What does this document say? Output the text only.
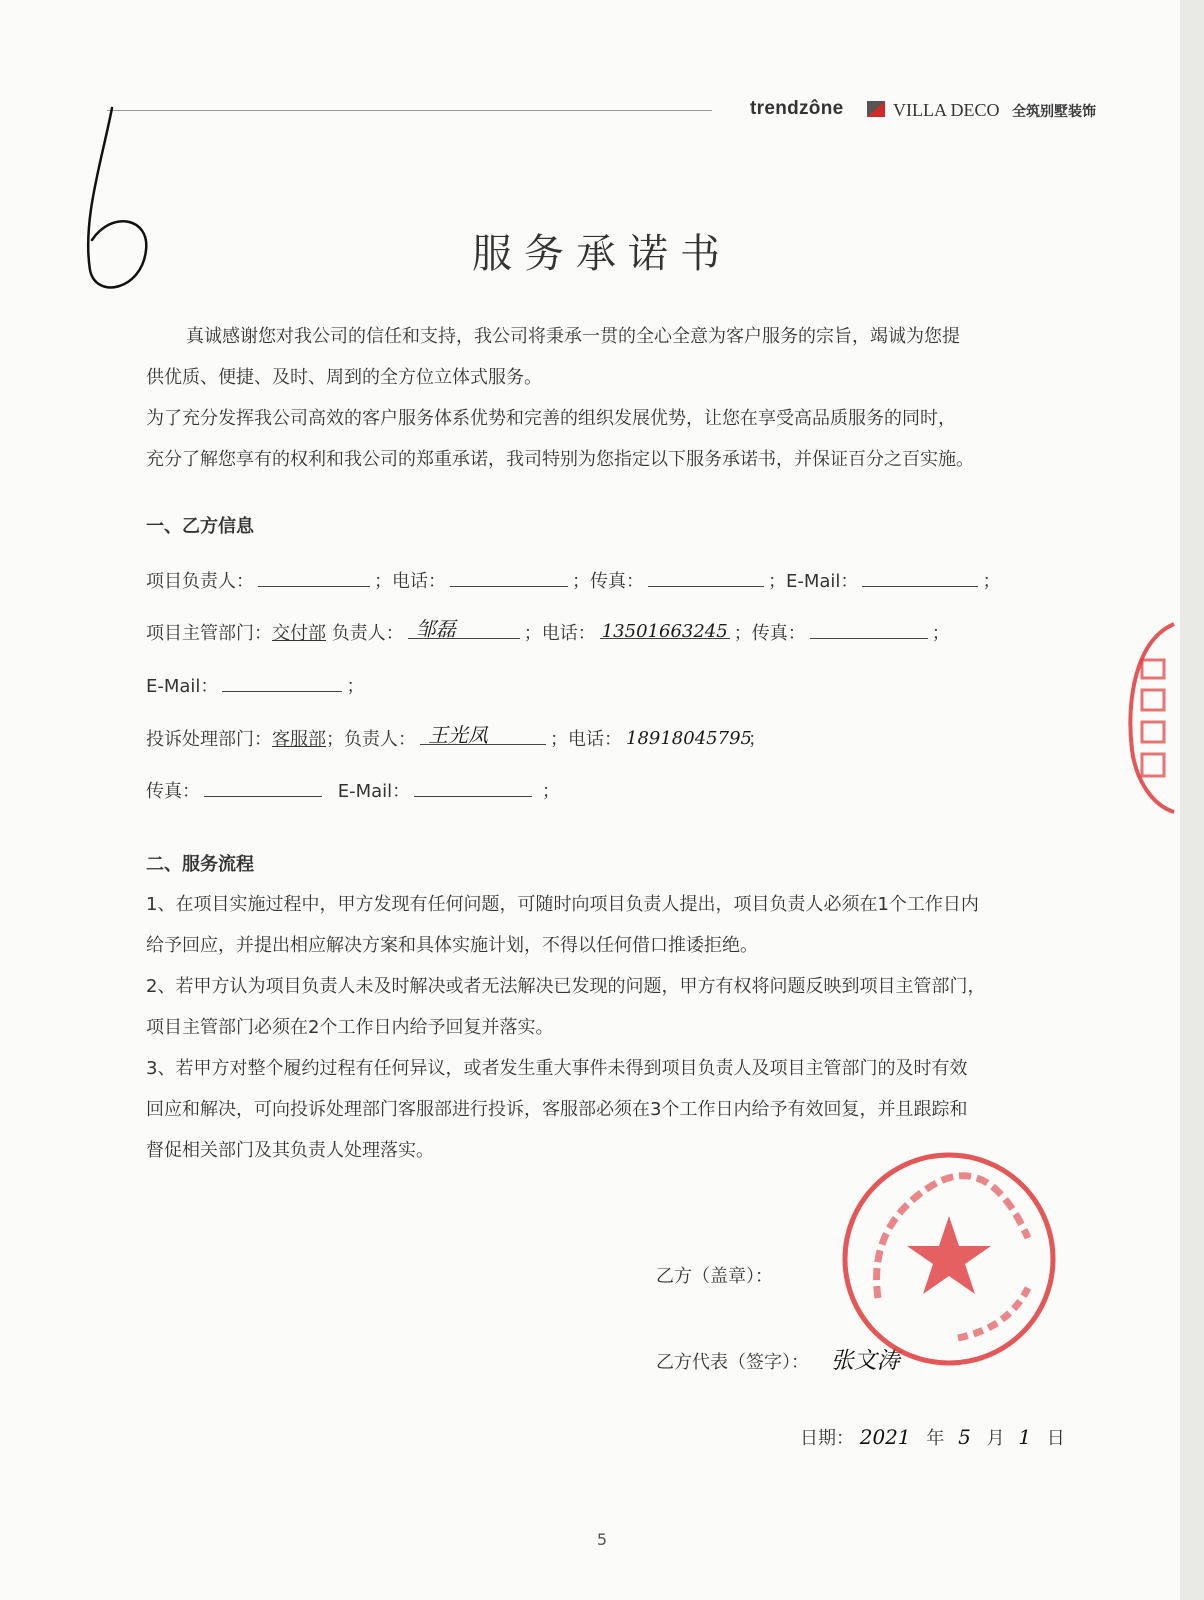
trendzône	VILLA DECO 全筑别墅装饰
服务承诺书

真诚感谢您对我公司的信任和支持，我公司将秉承一贯的全心全意为客户服务的宗旨，竭诚为您提

供优质、便捷、及时、周到的全方位立体式服务。

为了充分发挥我公司高效的客户服务体系优势和完善的组织发展优势，让您在享受高品质服务的同时，

充分了解您享有的权利和我公司的郑重承诺，我司特别为您指定以下服务承诺书，并保证百分之百实施。

一、乙方信息
项目负责人：	；电话：	；传真：	；E-Mail：	；
项目主管部门：交付部 负责人： 邹磊	；电话： 13501663245 ；传真：	；
E-Mail：	；
投诉处理部门：客服部；负责人： 王光凤	；电话： 18918045795
；
传真：	E-Mail：	；
二、服务流程

1、在项目实施过程中，甲方发现有任何问题，可随时向项目负责人提出，项目负责人必须在1个工作日内

给予回应，并提出相应解决方案和具体实施计划，不得以任何借口推诿拒绝。

2、若甲方认为项目负责人未及时解决或者无法解决已发现的问题，甲方有权将问题反映到项目主管部门，

项目主管部门必须在2个工作日内给予回复并落实。

3、若甲方对整个履约过程有任何异议，或者发生重大事件未得到项目负责人及项目主管部门的及时有效

回应和解决，可向投诉处理部门客服部进行投诉，客服部必须在3个工作日内给予有效回复，并且跟踪和

督促相关部门及其负责人处理落实。

乙方（盖章）：
乙方代表（签字）： 张文涛
日期： 2021 年 5 月 1 日
5
